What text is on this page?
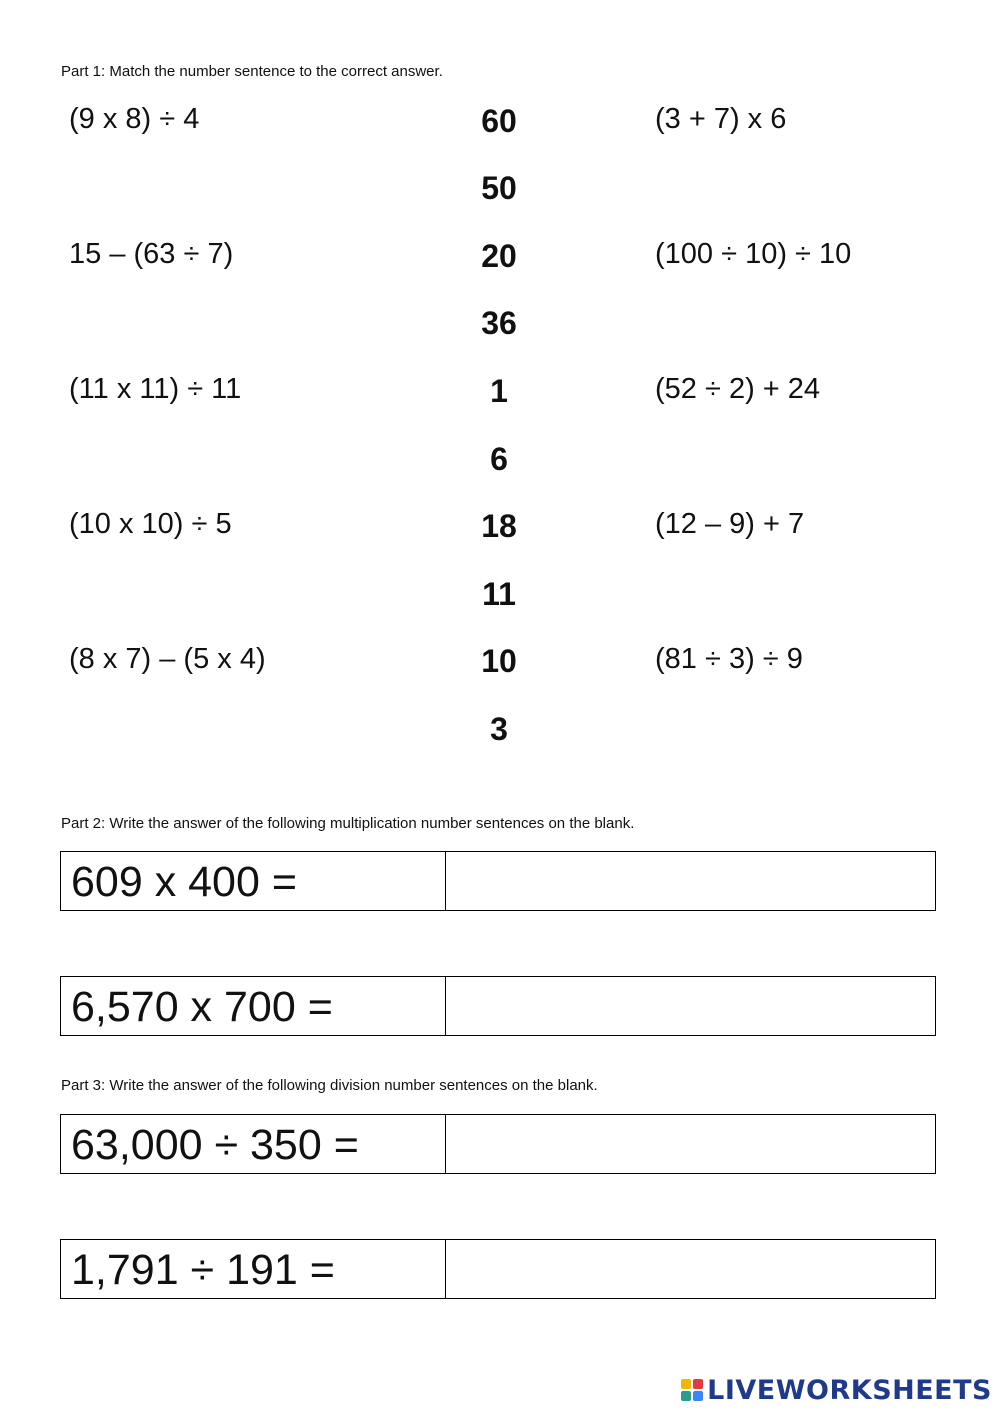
Part 1: Match the number sentence to the correct answer.
(9 x 8) ÷ 4
15 – (63 ÷ 7)
(11 x 11) ÷ 11
(10 x 10) ÷ 5
(8 x 7) – (5 x 4)
60
50
20
36
1
6
18
11
10
3
(3 + 7) x 6
(100 ÷ 10) ÷ 10
(52 ÷ 2) + 24
(12 – 9) + 7
(81 ÷ 3) ÷ 9
Part 2: Write the answer of the following multiplication number sentences on the blank.
609 x 400 =
6,570 x 700 =
Part 3: Write the answer of the following division number sentences on the blank.
63,000 ÷ 350 =
1,791 ÷ 191 =
LIVEWORKSHEETS
